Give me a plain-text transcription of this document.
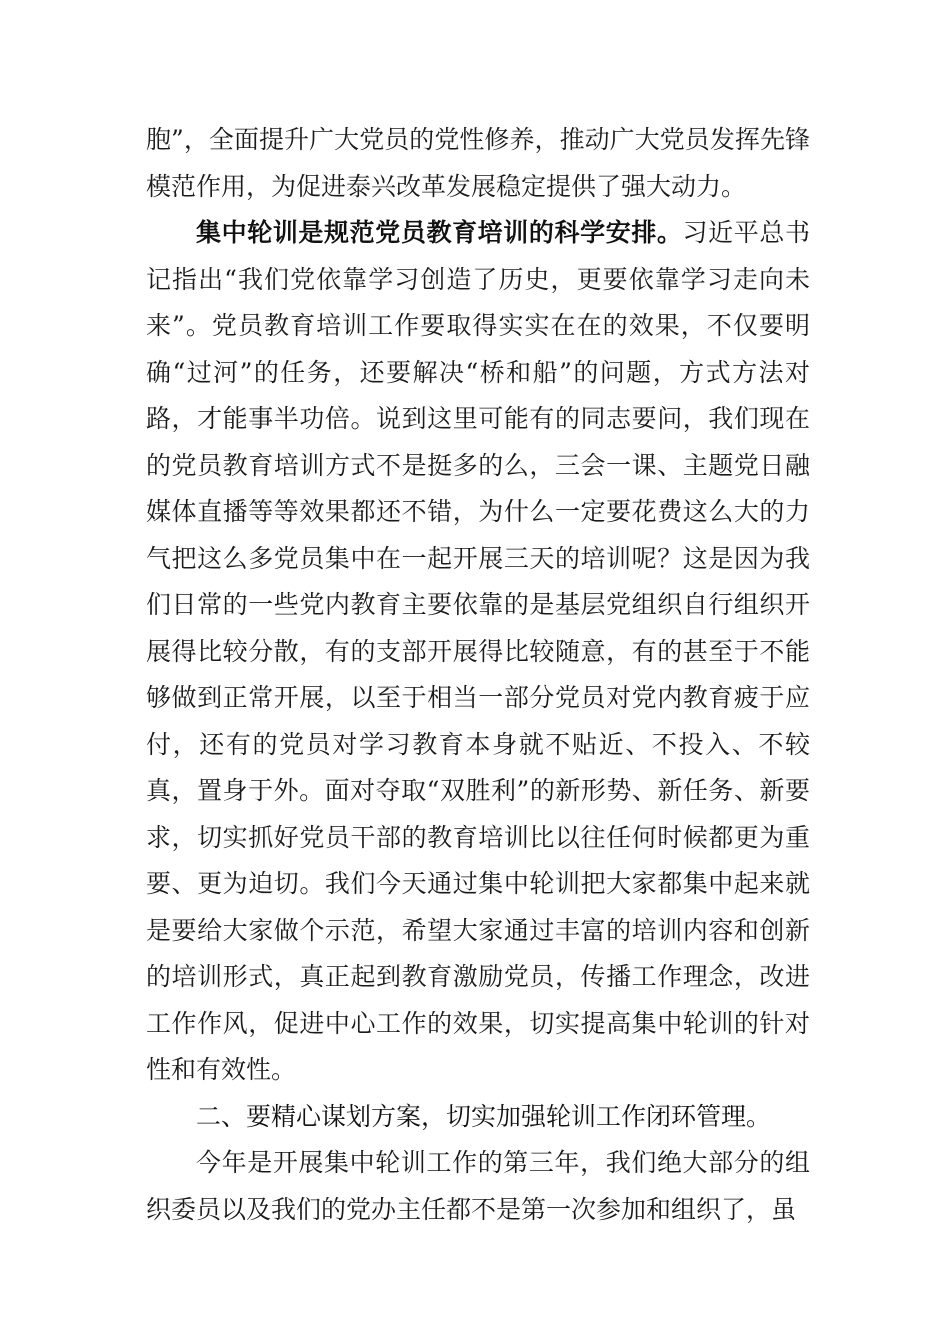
胞”，全面提升广大党员的党性修养，推动广大党员发挥先锋模范作用，为促进泰兴改革发展稳定提供了强大动力。

集中轮训是规范党员教育培训的科学安排。习近平总书记指出“我们党依靠学习创造了历史，更要依靠学习走向未来”。党员教育培训工作要取得实实在在的效果，不仅要明确“过河”的任务，还要解决“桥和船”的问题，方式方法对路，才能事半功倍。说到这里可能有的同志要问，我们现在的党员教育培训方式不是挺多的么，三会一课、主题党日融媒体直播等等效果都还不错，为什么一定要花费这么大的力气把这么多党员集中在一起开展三天的培训呢？这是因为我们日常的一些党内教育主要依靠的是基层党组织自行组织开展得比较分散，有的支部开展得比较随意，有的甚至于不能够做到正常开展，以至于相当一部分党员对党内教育疲于应付，还有的党员对学习教育本身就不贴近、不投入、不较真，置身于外。面对夺取“双胜利”的新形势、新任务、新要求，切实抓好党员干部的教育培训比以往任何时候都更为重要、更为迫切。我们今天通过集中轮训把大家都集中起来就是要给大家做个示范，希望大家通过丰富的培训内容和创新的培训形式，真正起到教育激励党员，传播工作理念，改进工作作风，促进中心工作的效果，切实提高集中轮训的针对性和有效性。

二、要精心谋划方案，切实加强轮训工作闭环管理。

今年是开展集中轮训工作的第三年，我们绝大部分的组织委员以及我们的党办主任都不是第一次参加和组织了，虽
